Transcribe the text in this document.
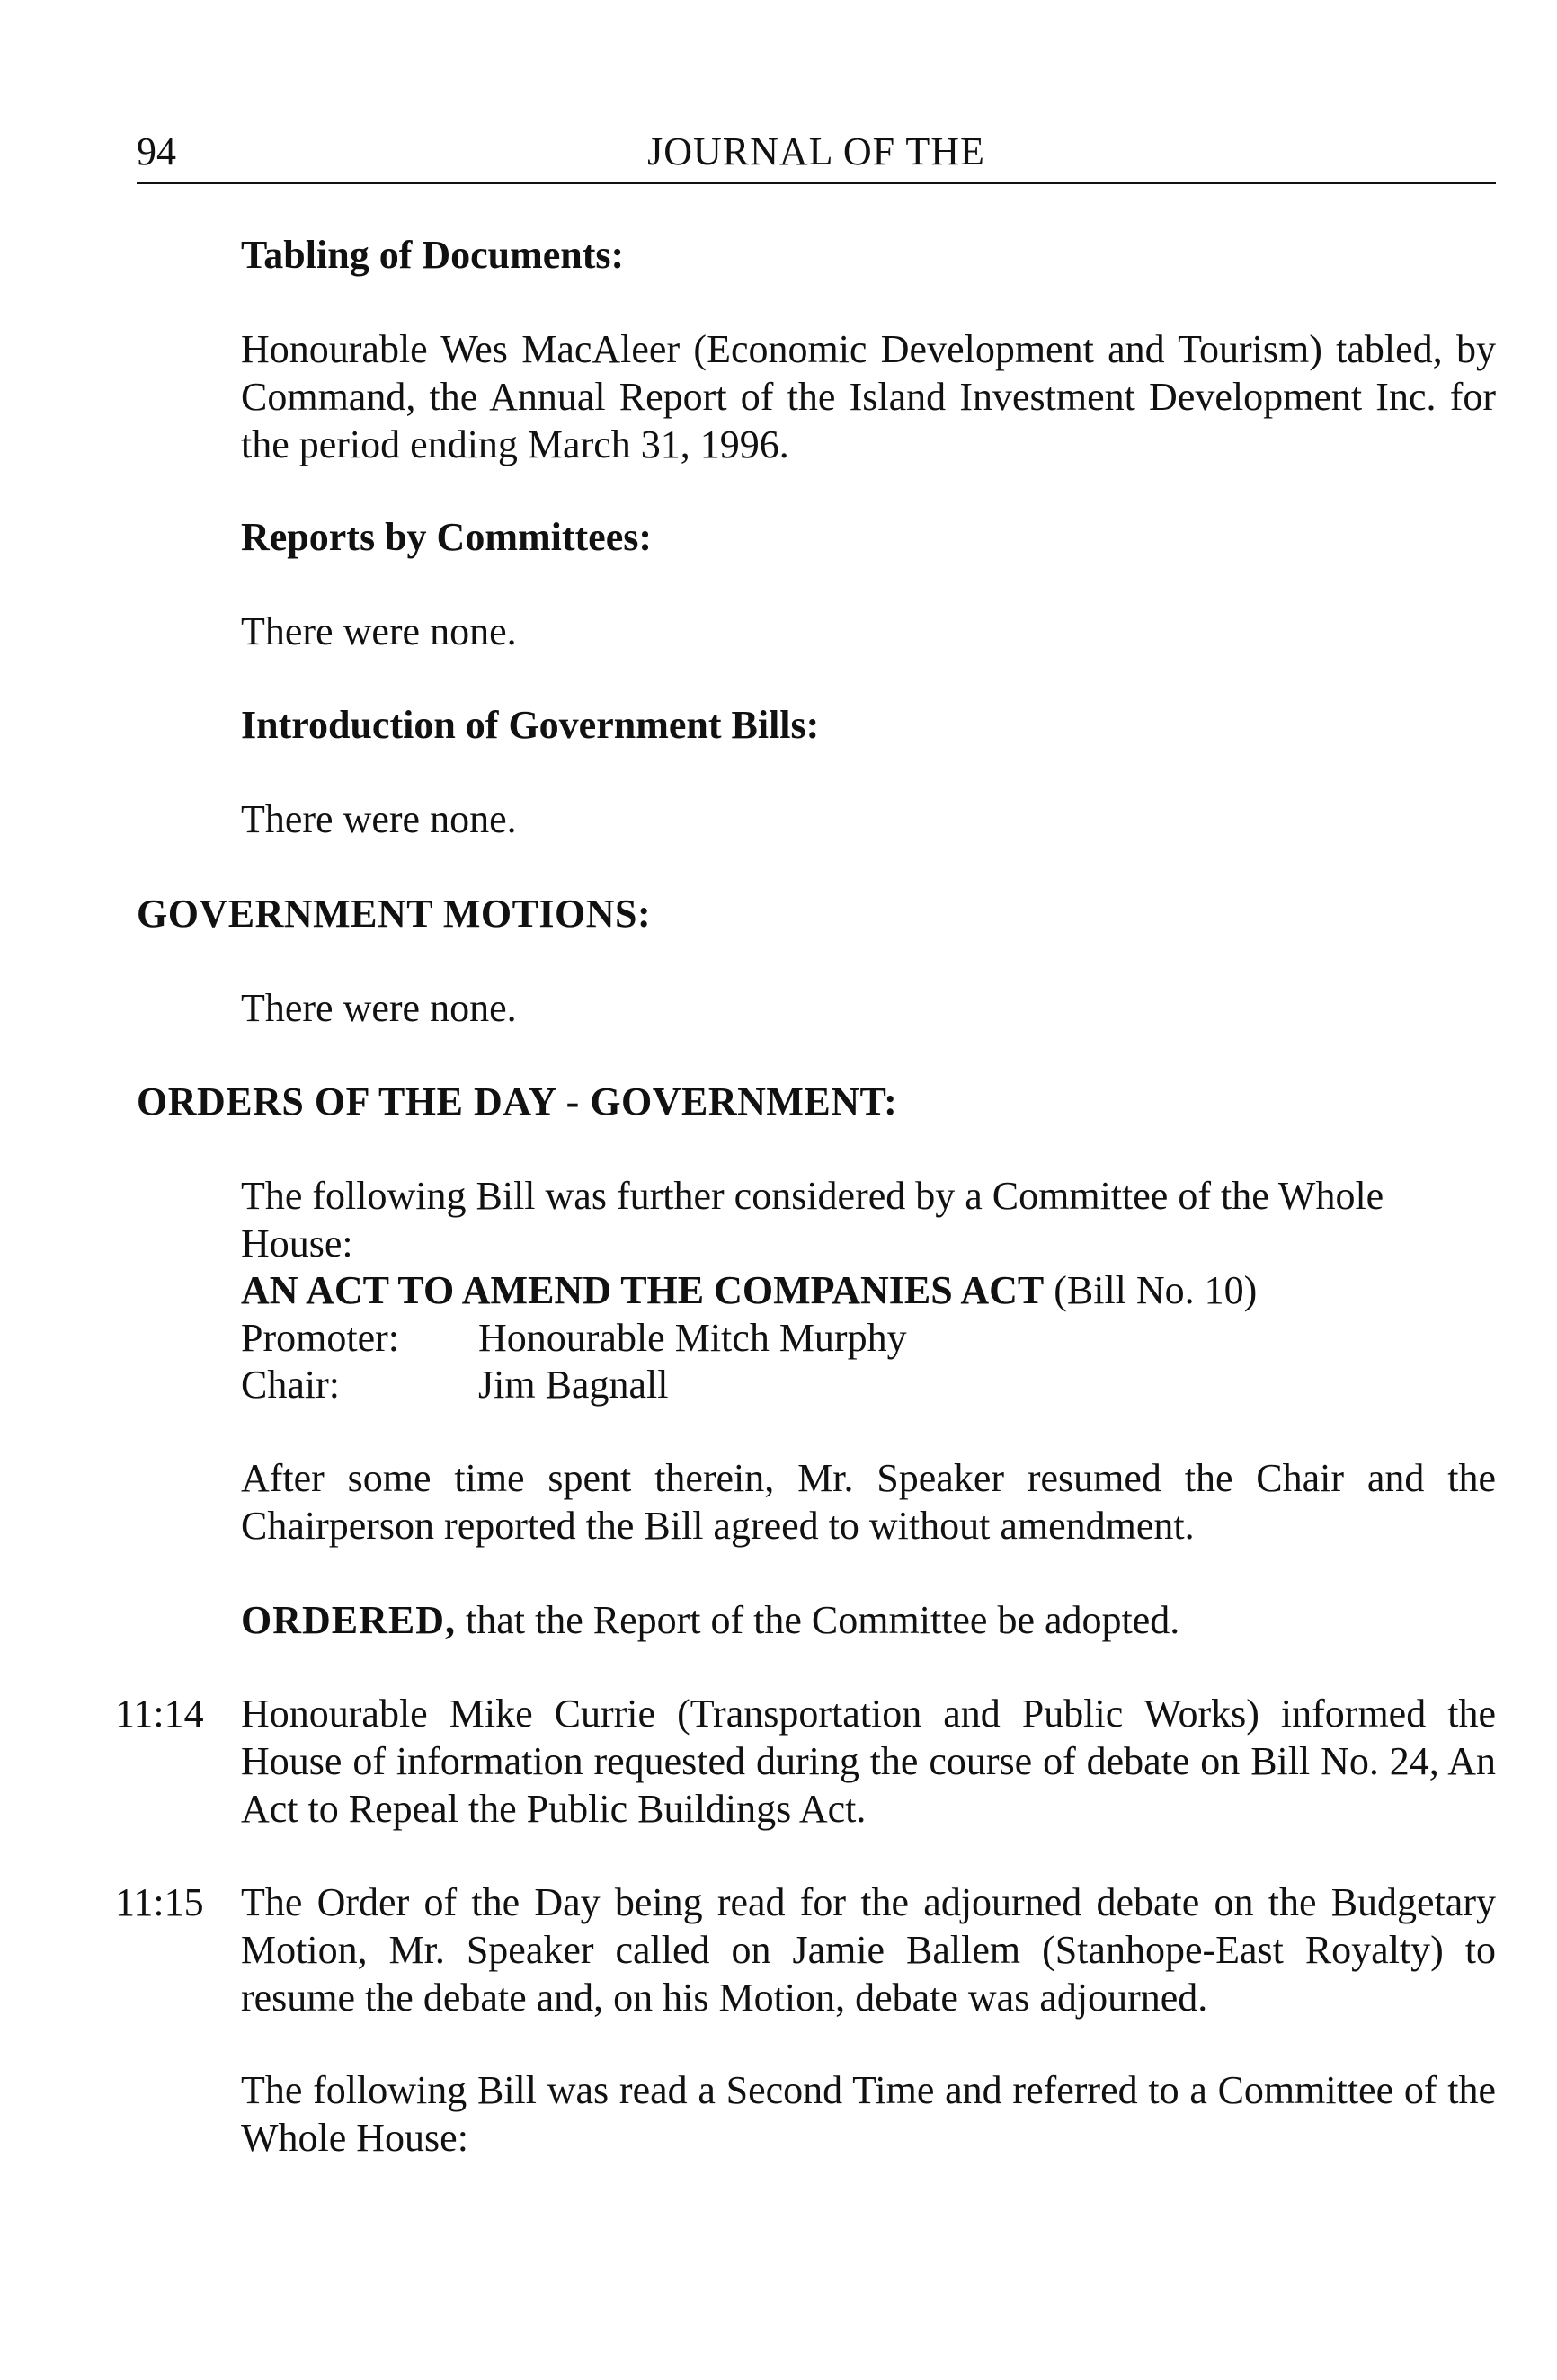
94	JOURNAL OF THE
Tabling of Documents:
Honourable Wes MacAleer (Economic Development and Tourism) tabled, by Command, the Annual Report of the Island Investment Development Inc. for the period ending March 31, 1996.
Reports by Committees:
There were none.
Introduction of Government Bills:
There were none.
GOVERNMENT MOTIONS:
There were none.
ORDERS OF THE DAY - GOVERNMENT:
The following Bill was further considered by a Committee of the Whole House:
AN ACT TO AMEND THE COMPANIES ACT (Bill No. 10)
Promoter: Honourable Mitch Murphy
Chair:	Jim Bagnall
After some time spent therein, Mr. Speaker resumed the Chair and the Chairperson reported the Bill agreed to without amendment.
ORDERED, that the Report of the Committee be adopted.
11:14 Honourable Mike Currie (Transportation and Public Works) informed the House of information requested during the course of debate on Bill No. 24, An Act to Repeal the Public Buildings Act.
11:15 The Order of the Day being read for the adjourned debate on the Budgetary Motion, Mr. Speaker called on Jamie Ballem (Stanhope-East Royalty) to resume the debate and, on his Motion, debate was adjourned.
The following Bill was read a Second Time and referred to a Committee of the Whole House:
